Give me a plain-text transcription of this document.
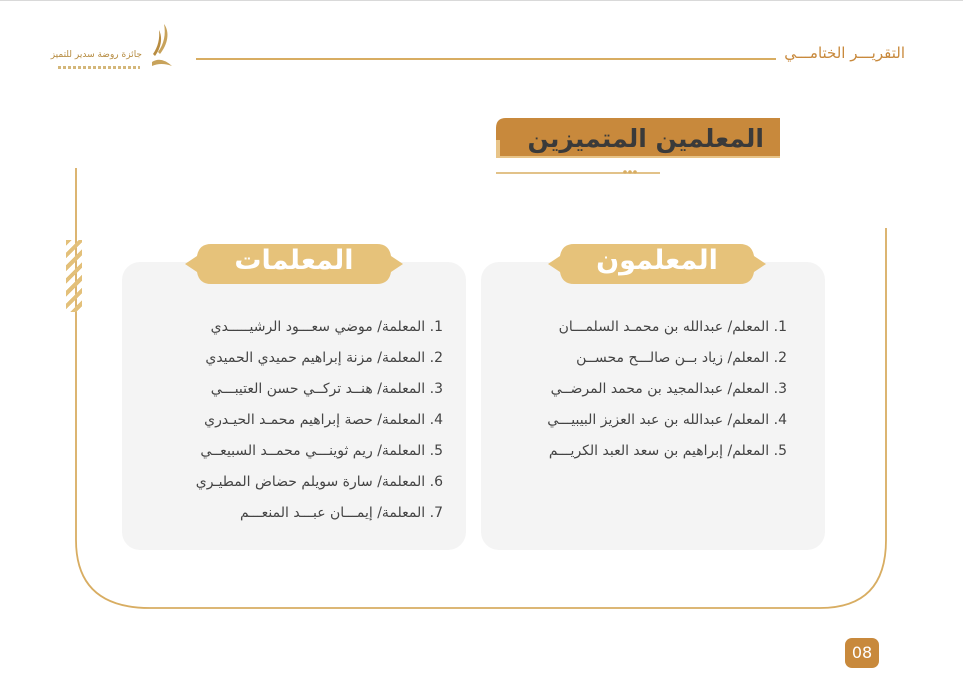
التقريـــر الختامـــي
جائزة روضة سدير للتميز
المعلمين المتميزين
المعلمون
1. المعلم/ عبدالله بن محمـد السلمـــان
2. المعلم/ زياد بــن صالـــح محســن
3. المعلم/ عبدالمجيد بن محمد المرضــي
4. المعلم/ عبدالله بن عبد العزيز البيبيـــي
5. المعلم/ إبراهيم بن سعد العبد الكريـــم
المعلمات
1. المعلمة/ موضي سعـــود الرشيـــــدي
2. المعلمة/ مزنة إبراهيم حميدي الحميدي
3. المعلمة/ هنــد تركــي حسن العتيبـــي
4. المعلمة/ حصة إبراهيم محمـد الحيـدري
5. المعلمة/ ريم ثوينـــي محمــد السبيعــي
6. المعلمة/ سارة سويلم حضاض المطيـري
7. المعلمة/ إيمـــان عبـــد المنعـــم
08
